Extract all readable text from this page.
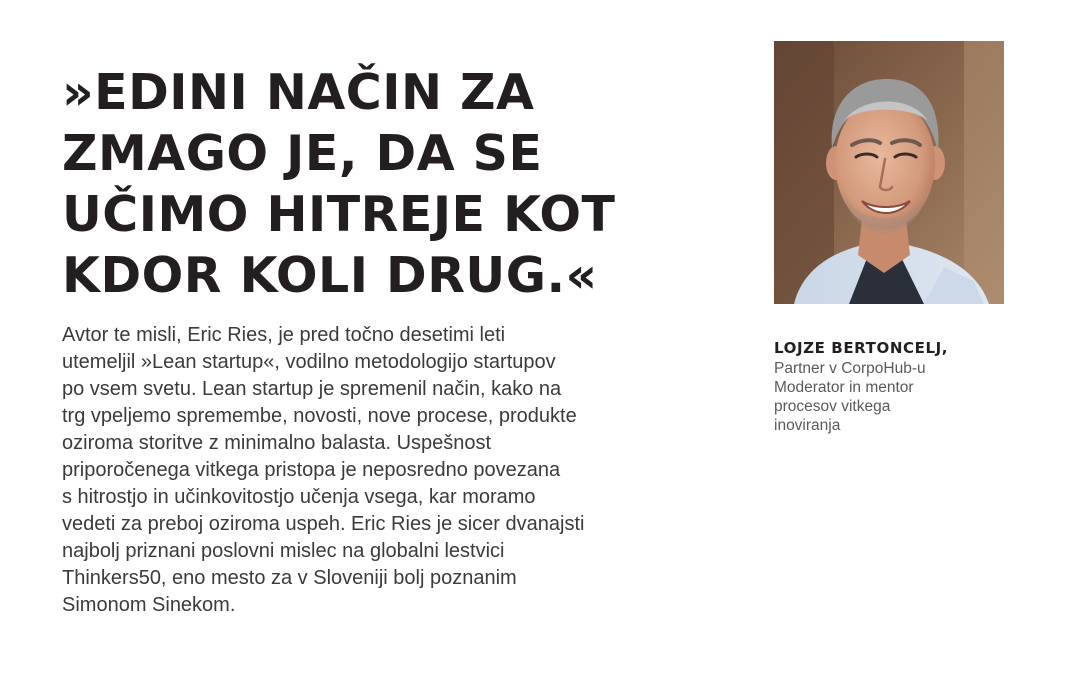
»EDINI NAČIN ZA
ZMAGO JE, DA SE
UČIMO HITREJE KOT
KDOR KOLI DRUG.«

Avtor te misli, Eric Ries, je pred točno desetimi leti
utemeljil »Lean startup«, vodilno metodologijo startupov
po vsem svetu. Lean startup je spremenil način, kako na
trg vpeljemo spremembe, novosti, nove procese, produkte
oziroma storitve z minimalno balasta. Uspešnost
priporočenega vitkega pristopa je neposredno povezana
s hitrostjo in učinkovitostjo učenja vsega, kar moramo
vedeti za preboj oziroma uspeh. Eric Ries je sicer dvanajsti
najbolj priznani poslovni mislec na globalni lestvici
Thinkers50, eno mesto za v Sloveniji bolj poznanim
Simonom Sinekom.

LOJZE BERTONCELJ,
Partner v CorpoHub-u
Moderator in mentor
procesov vitkega
inoviranja
